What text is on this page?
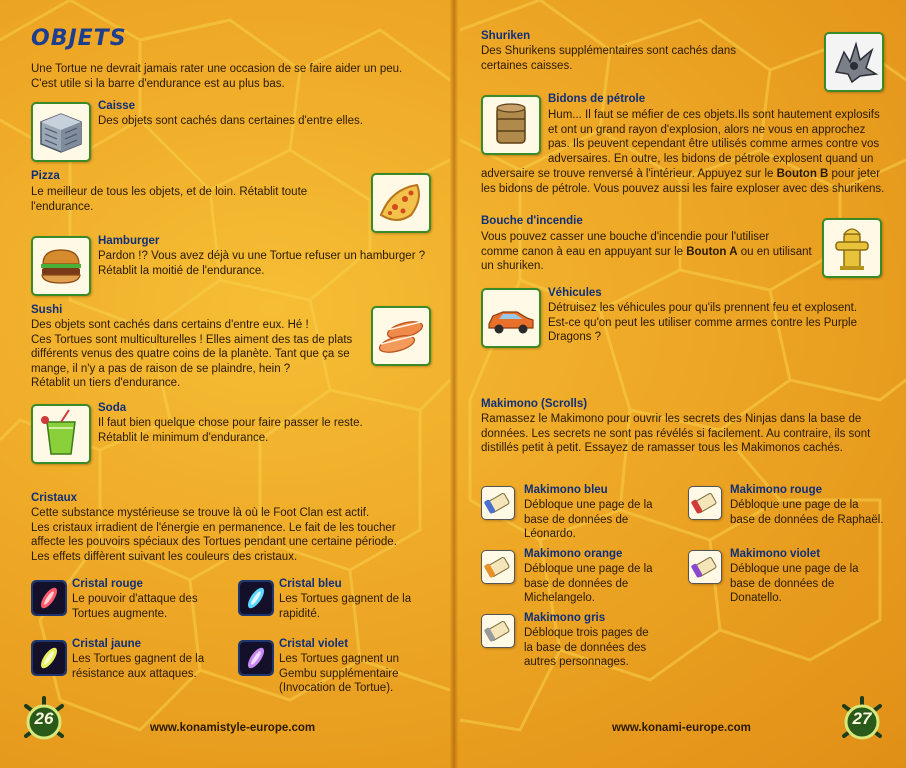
OBJETS
Une Tortue ne devrait jamais rater une occasion de se faire aider un peu.
C'est utile si la barre d'endurance est au plus bas.
Caisse
Des objets sont cachés dans certaines d'entre elles.
Pizza
Le meilleur de tous les objets, et de loin. Rétablit toute
l'endurance.
Hamburger
Pardon !? Vous avez déjà vu une Tortue refuser un hamburger ?
Rétablit la moitié de l'endurance.
Sushi
Des objets sont cachés dans certains d'entre eux. Hé !
Ces Tortues sont multiculturelles ! Elles aiment des tas de plats
différents venus des quatre coins de la planète. Tant que ça se
mange, il n'y a pas de raison de se plaindre, hein ?
Rétablit un tiers d'endurance.
Soda
Il faut bien quelque chose pour faire passer le reste.
Rétablit le minimum d'endurance.
Cristaux
Cette substance mystérieuse se trouve là où le Foot Clan est actif.
Les cristaux irradient de l'énergie en permanence. Le fait de les toucher
affecte les pouvoirs spéciaux des Tortues pendant une certaine période.
Les effets diffèrent suivant les couleurs des cristaux.
Cristal rouge
Le pouvoir d'attaque des
Tortues augmente.
Cristal bleu
Les Tortues gagnent de la
rapidité.
Cristal jaune
Les Tortues gagnent de la
résistance aux attaques.
Cristal violet
Les Tortues gagnent un
Gembu supplémentaire
(Invocation de Tortue).
26	www.konamistyle-europe.com
Shuriken
Des Shurikens supplémentaires sont cachés dans
certaines caisses.
Bidons de pétrole
Hum... Il faut se méfier de ces objets.Ils sont hautement explosifs
et ont un grand rayon d'explosion, alors ne vous en approchez
pas. Ils peuvent cependant être utilisés comme armes contre vos
adversaires. En outre, les bidons de pétrole explosent quand un
adversaire se trouve renversé à l'intérieur. Appuyez sur le Bouton B pour jeter
les bidons de pétrole. Vous pouvez aussi les faire exploser avec des shurikens.
Bouche d'incendie
Vous pouvez casser une bouche d'incendie pour l'utiliser
comme canon à eau en appuyant sur le Bouton A ou en utilisant
un shuriken.
Véhicules
Détruisez les véhicules pour qu'ils prennent feu et explosent.
Est-ce qu'on peut les utiliser comme armes contre les Purple
Dragons ?
Makimono (Scrolls)
Ramassez le Makimono pour ouvrir les secrets des Ninjas dans la base de
données. Les secrets ne sont pas révélés si facilement. Au contraire, ils sont
distillés petit à petit. Essayez de ramasser tous les Makimonos cachés.
Makimono bleu
Débloque une page de la
base de données de
Léonardo.
Makimono rouge
Débloque une page de la
base de données de Raphaël.
Makimono orange
Débloque une page de la
base de données de
Michelangelo.
Makimono violet
Débloque une page de la
base de données de
Donatello.
Makimono gris
Débloque trois pages de
la base de données des
autres personnages.
www.konami-europe.com	27
